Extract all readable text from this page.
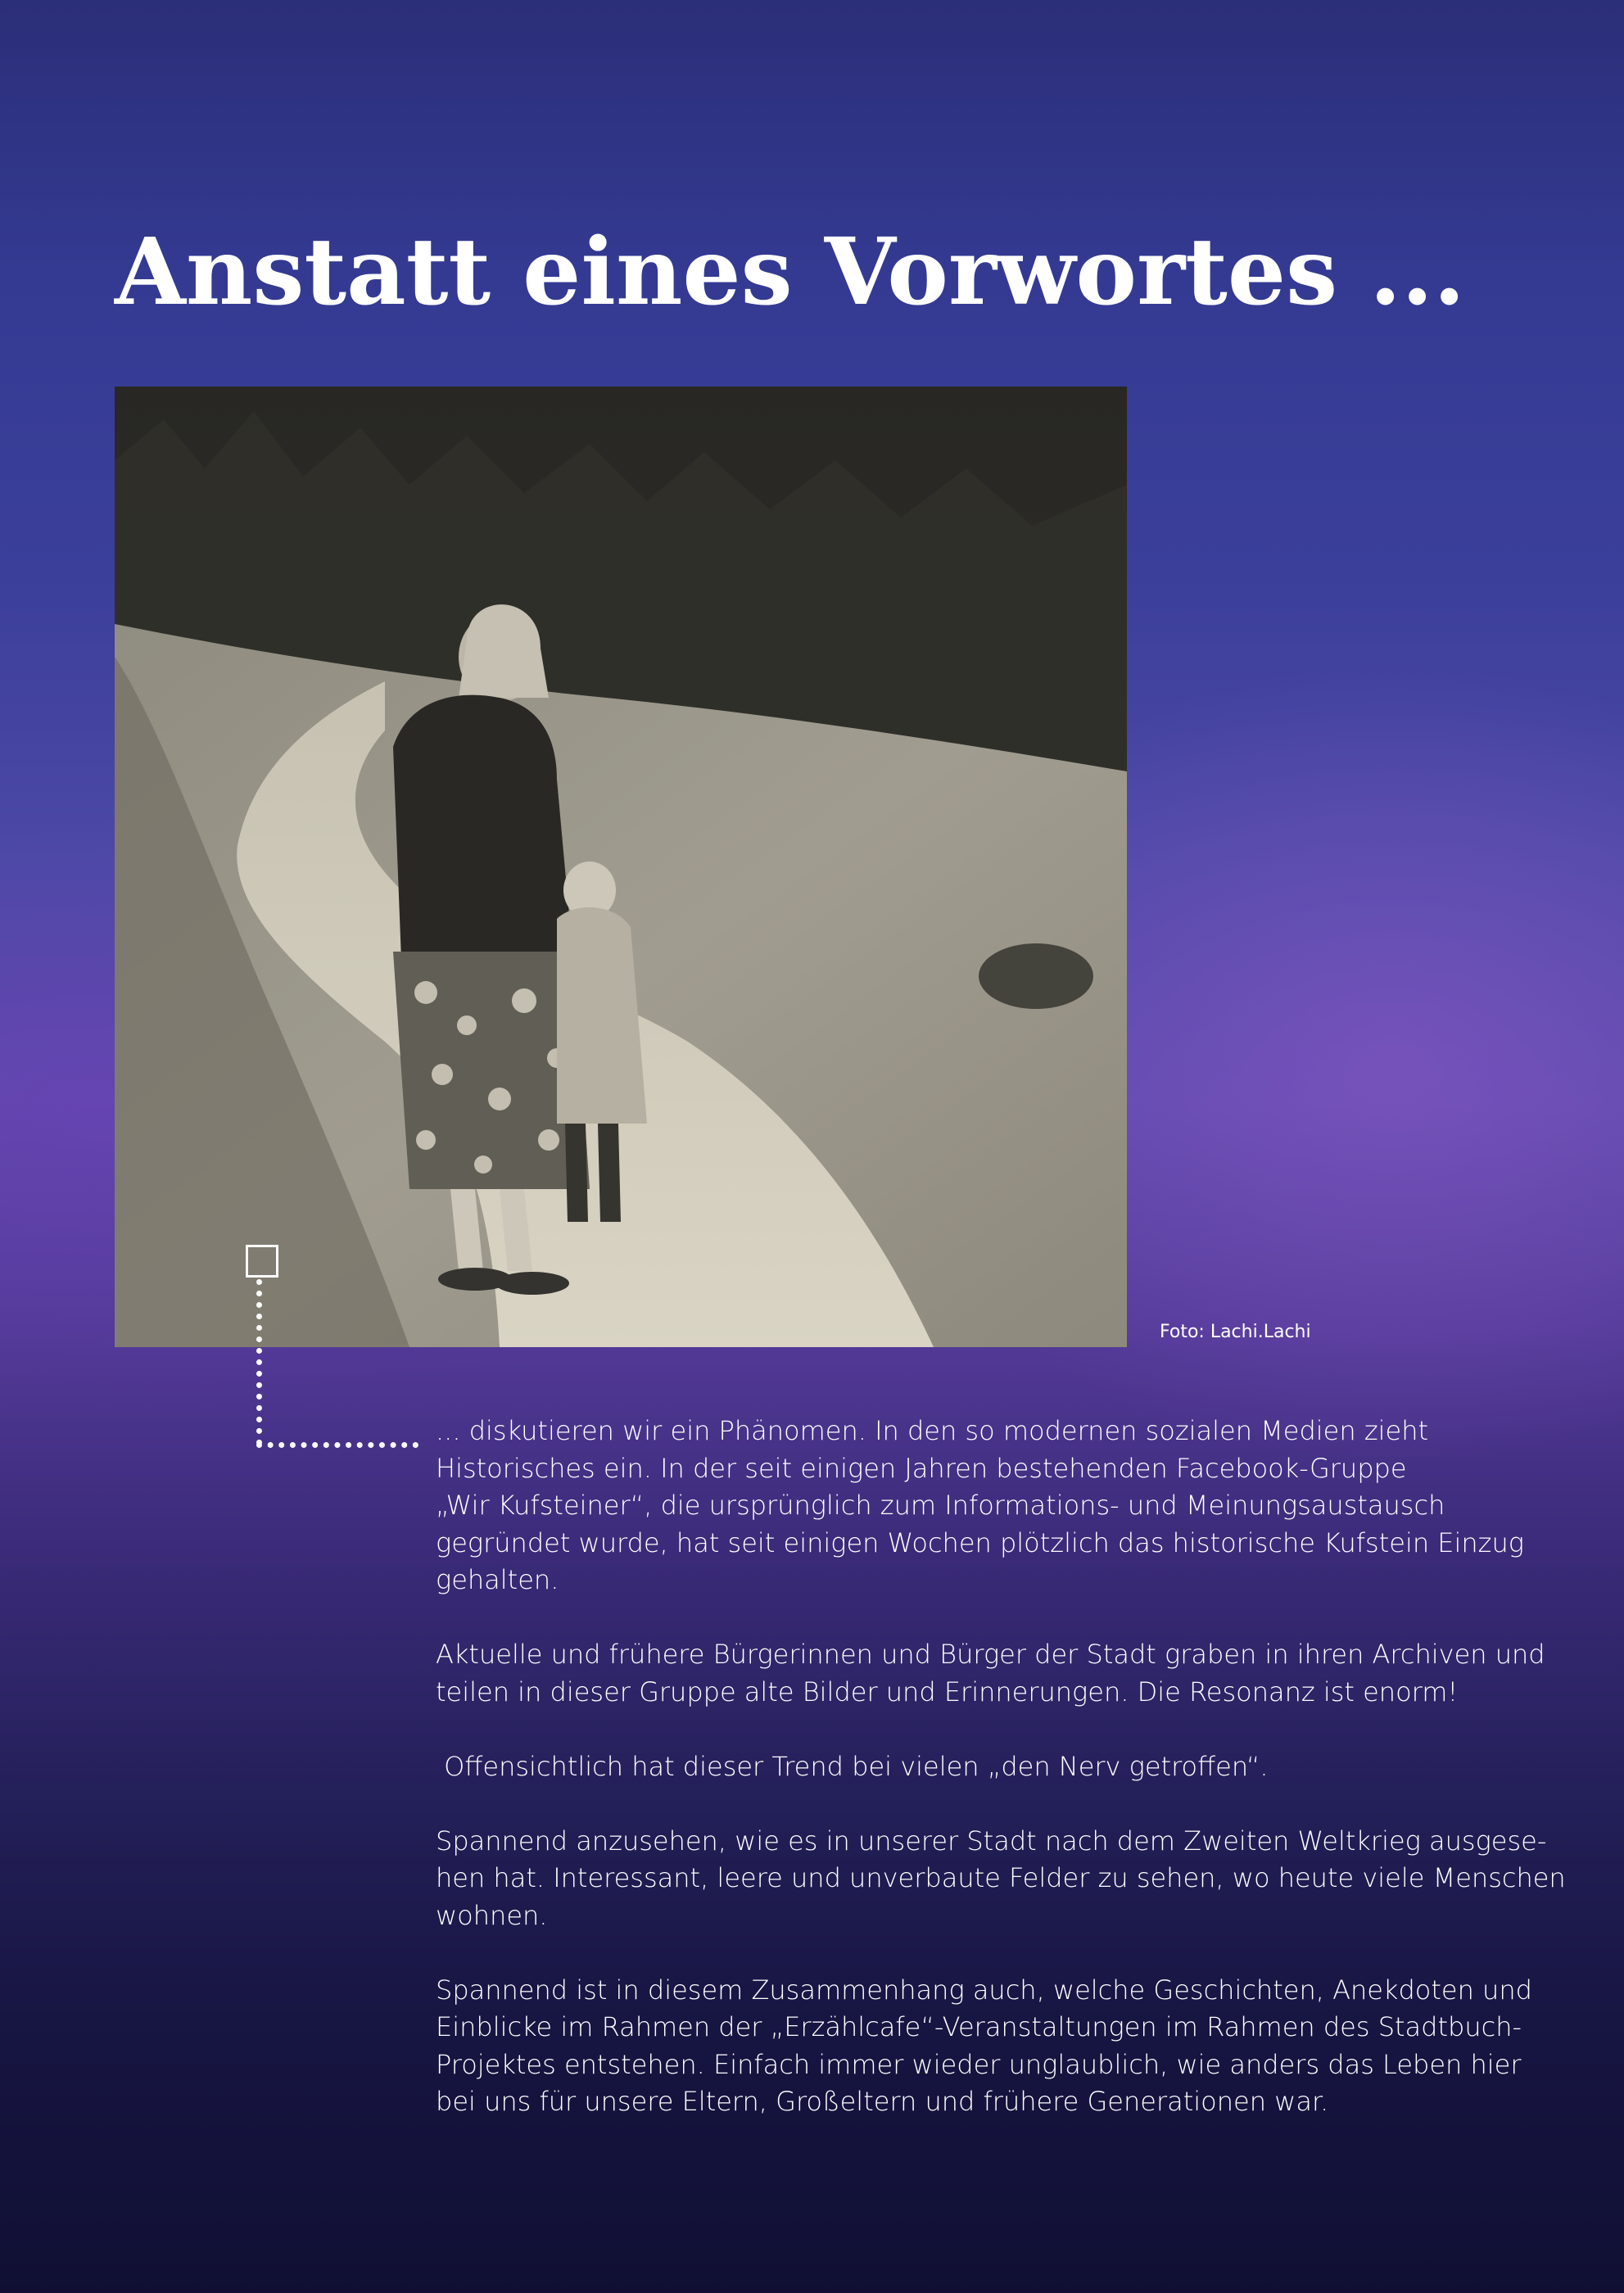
Anstatt eines Vorwortes ...
Foto: Lachi.Lachi

... diskutieren wir ein Phänomen. In den so modernen sozialen Medien zieht
Historisches ein. In der seit einigen Jahren bestehenden Facebook-Gruppe
„Wir Kufsteiner“, die ursprünglich zum Informations- und Meinungsaustausch
gegründet wurde, hat seit einigen Wochen plötzlich das historische Kufstein Einzug
gehalten.

Aktuelle und frühere Bürgerinnen und Bürger der Stadt graben in ihren Archiven und
teilen in dieser Gruppe alte Bilder und Erinnerungen. Die Resonanz ist enorm!

Offensichtlich hat dieser Trend bei vielen „den Nerv getroffen“.

Spannend anzusehen, wie es in unserer Stadt nach dem Zweiten Weltkrieg ausgese-
hen hat. Interessant, leere und unverbaute Felder zu sehen, wo heute viele Menschen
wohnen.

Spannend ist in diesem Zusammenhang auch, welche Geschichten, Anekdoten und
Einblicke im Rahmen der „Erzählcafe“-Veranstaltungen im Rahmen des Stadtbuch-
Projektes entstehen. Einfach immer wieder unglaublich, wie anders das Leben hier
bei uns für unsere Eltern, Großeltern und frühere Generationen war.
